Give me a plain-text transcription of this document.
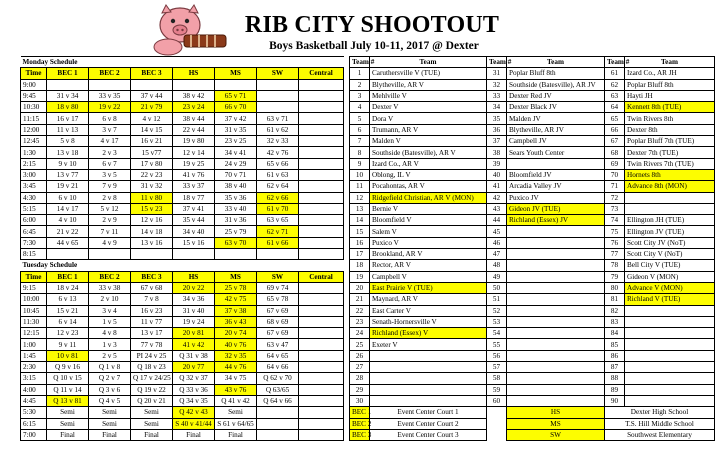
RIB CITY SHOOTOUT
Boys Basketball July 10-11, 2017 @ Dexter
Monday Schedule							
Time	BEC 1	BEC 2	BEC 3	HS	MS	SW	Central
9:00							
9:45	31 v 34	33 v 35	37 v 44	38 v 42	65 v 71		
10:30	18 v 80	19 v 22	21 v 79	23 v 24	66 v 70		
11:15	16 v 17	6 v 8	4 v 12	38 v 44	37 v 42	63 v 71	
12:00	11 v 13	3 v 7	14 v 15	22 v 44	31 v 35	61 v 62	
12:45	5 v 8	4 v 17	16 v 21	19 v 80	23 v 25	32 v 33	
1:30	13 v 18	2 v 3	15 v77	12 v 14	34 v 41	42 v 76	
2:15	9 v 10	6 v 7	17 v 80	19 v 25	24 v 29	65 v 66	
3:00	13 v 77	3 v 5	22 v 23	41 v 76	70 v 71	61 v 63	
3:45	19 v 21	7 v 9	31 v 32	33 v 37	38 v 40	62 v 64	
4:30	6 v 10	2 v 8	11 v 80	18 v 77	35 v 36	62 v 66	
5:15	14 v 17	5 v 12	15 v 23	37 v 41	33 v 40	61 v 70	
6:00	4 v 10	2 v 9	12 v 16	35 v 44	31 v 36	63 v 65	
6:45	21 v 22	7 v 11	14 v 18	34 v 40	25 v 79	62 v 71	
7:30	44 v 65	4 v 9	13 v 16	15 v 16	63 v 70	61 v 66	
8:15							
Tuesday Schedule							
Time	BEC 1	BEC 2	BEC 3	HS	MS	SW	Central
9:15	18 v 24	33 v 38	67 v 68	20 v 22	25 v 78	69 v 74	
10:00	6 v 13	2 v 10	7 v 8	34 v 36	42 v 75	65 v 78	
10:45	15 v 21	3 v 4	16 v 23	31 v 40	37 v 38	67 v 69	
11:30	6 v 14	1 v 5	11 v 77	19 v 24	36 v 43	68 v 69	
12:15	12 v 23	4 v 8	13 v 17	20 v 81	20 v 74	67 v 69	
1:00	9 v 11	1 v 3	77 v 78	41 v 42	40 v 76	63 v 47	
1:45	10 v 81	2 v 5	PI 24 v 25	Q 31 v 38	32 v 35	64 v 65	
2:30	Q 9 v 16	Q 1 v 8	Q 18 v 23	20 v 77	44 v 76	64 v 66	
3:15	Q 10 v 15	Q 2 v 7	Q 17 v 24/25	Q 32 v 37	34 v 75	Q 62 v 70	
4:00	Q 11 v 14	Q 3 v 6	Q 19 v 22	Q 33 v 36	43 v 76	Q 63/65	
4:45	Q 13 v 81	Q 4 v 5	Q 20 v 21	Q 34 v 35	Q 41 v 42	Q 64 v 66	
5:30	Semi	Semi	Semi	Q 42 v 43	Semi		
6:15	Semi	Semi	Semi	S 40 v 41/44	S 61 v 64/65		
7:00	Final	Final	Final	Final	Final		
Team #	Team	Team #	Team	Team #	Team
1	Caruthersville V (TUE)	31	Poplar Bluff 8th	61	Izard Co., AR JH
2	Blytheville, AR V	32	Southside (Batesville), AR JV	62	Poplar Bluff 8th
3	Mehlville V	33	Dexter Red JV	63	Hayti JH
4	Dexter V	34	Dexter Black JV	64	Kennett 8th (TUE)
5	Dora V	35	Malden JV	65	Twin Rivers 8th
6	Trumann, AR V	36	Blytheville, AR JV	66	Dexter 8th
7	Malden V	37	Campbell JV	67	Poplar Bluff 7th (TUE)
8	Southside (Batesville), AR V	38	Sears Youth Center	68	Dexter 7th (TUE)
9	Izard Co., AR V	39		69	Twin Rivers 7th (TUE)
10	Oblong, IL V	40	Bloomfield JV	70	Hornets 8th
11	Pocahontas, AR V	41	Arcadia Valley JV	71	Advance 8th (MON)
12	Ridgefield Christian, AR V (MON)	42	Puxico JV	72	
13	Bernie V	43	Gideon JV (TUE)	73	
14	Bloomfield V	44	Richland (Essex) JV	74	Ellington JH (TUE)
15	Salem V	45		75	Ellington JV (TUE)
16	Puxico V	46		76	Scott City JV (NoT)
17	Brookland, AR V	47		77	Scott City V (NoT)
18	Rector, AR V	48		78	Bell City V (TUE)
19	Campbell V	49		79	Gideon V (MON)
20	East Prairie V (TUE)	50		80	Advance V (MON)
21	Maynard, AR V	51		81	Richland V (TUE)
22	East Carter V	52		82	
23	Senath-Hornersville V	53		83	
24	Richland (Essex) V	54		84	
25	Exeter V	55		85	
26		56		86	
27		57		87	
28		58		88	
29		59		89	
30		60		90	
BEC 1	Event Center Court 1		HS	Dexter High School	
BEC 2	Event Center Court 2		MS	T.S. Hill Middle School	
BEC 3	Event Center Court 3		SW	Southwest Elementary	
